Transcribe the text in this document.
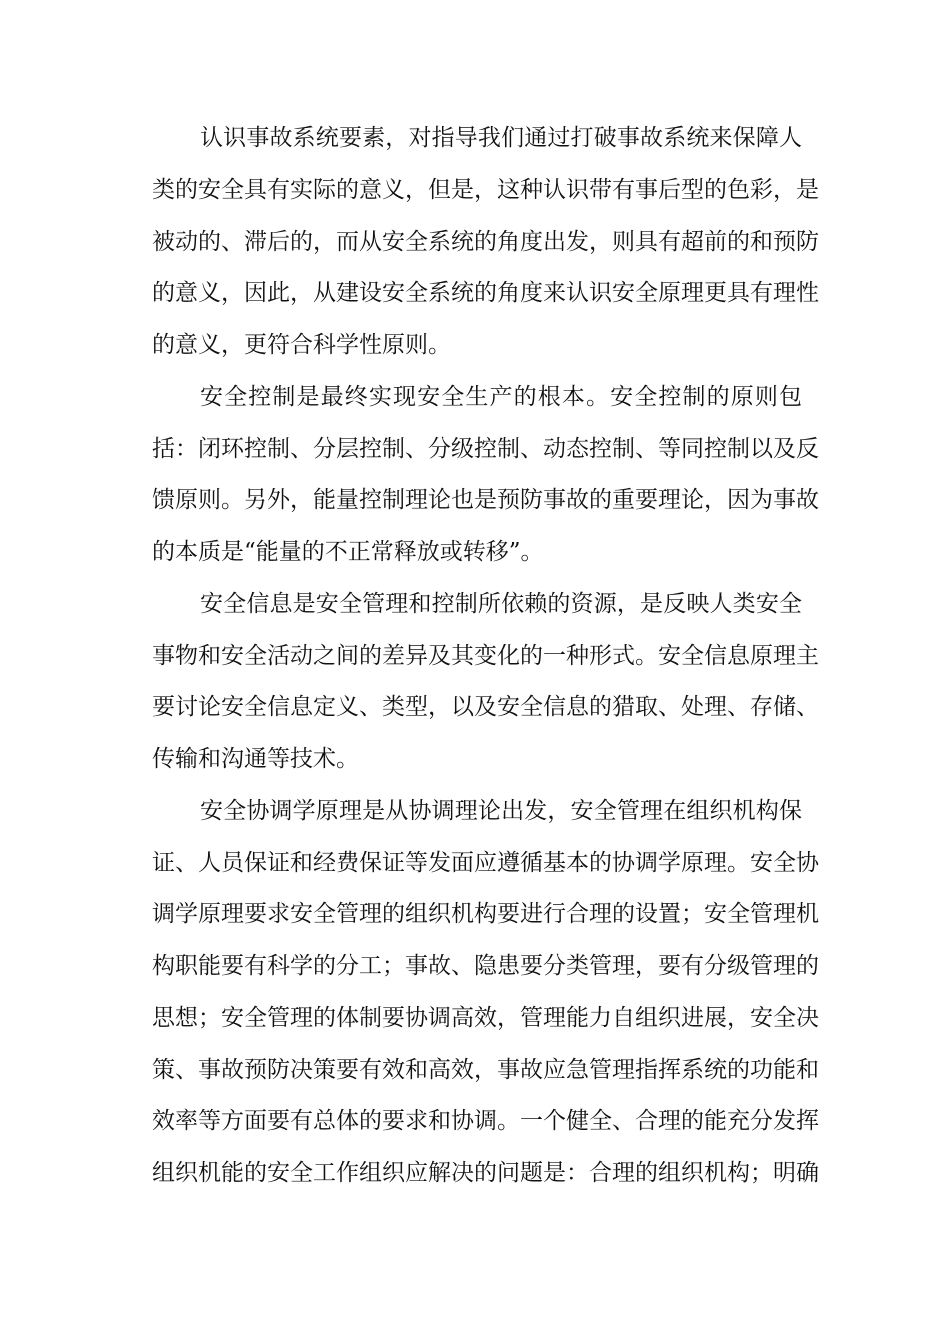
认识事故系统要素，对指导我们通过打破事故系统来保障人
类的安全具有实际的意义，但是，这种认识带有事后型的色彩，是
被动的、滞后的，而从安全系统的角度出发，则具有超前的和预防
的意义，因此，从建设安全系统的角度来认识安全原理更具有理性
的意义，更符合科学性原则。
安全控制是最终实现安全生产的根本。安全控制的原则包
括：闭环控制、分层控制、分级控制、动态控制、等同控制以及反
馈原则。另外，能量控制理论也是预防事故的重要理论，因为事故
的本质是“能量的不正常释放或转移”。
安全信息是安全管理和控制所依赖的资源，是反映人类安全
事物和安全活动之间的差异及其变化的一种形式。安全信息原理主
要讨论安全信息定义、类型，以及安全信息的猎取、处理、存储、
传输和沟通等技术。
安全协调学原理是从协调理论出发，安全管理在组织机构保
证、人员保证和经费保证等发面应遵循基本的协调学原理。安全协
调学原理要求安全管理的组织机构要进行合理的设置；安全管理机
构职能要有科学的分工；事故、隐患要分类管理，要有分级管理的
思想；安全管理的体制要协调高效，管理能力自组织进展，安全决
策、事故预防决策要有效和高效，事故应急管理指挥系统的功能和
效率等方面要有总体的要求和协调。一个健全、合理的能充分发挥
组织机能的安全工作组织应解决的问题是：合理的组织机构；明确
